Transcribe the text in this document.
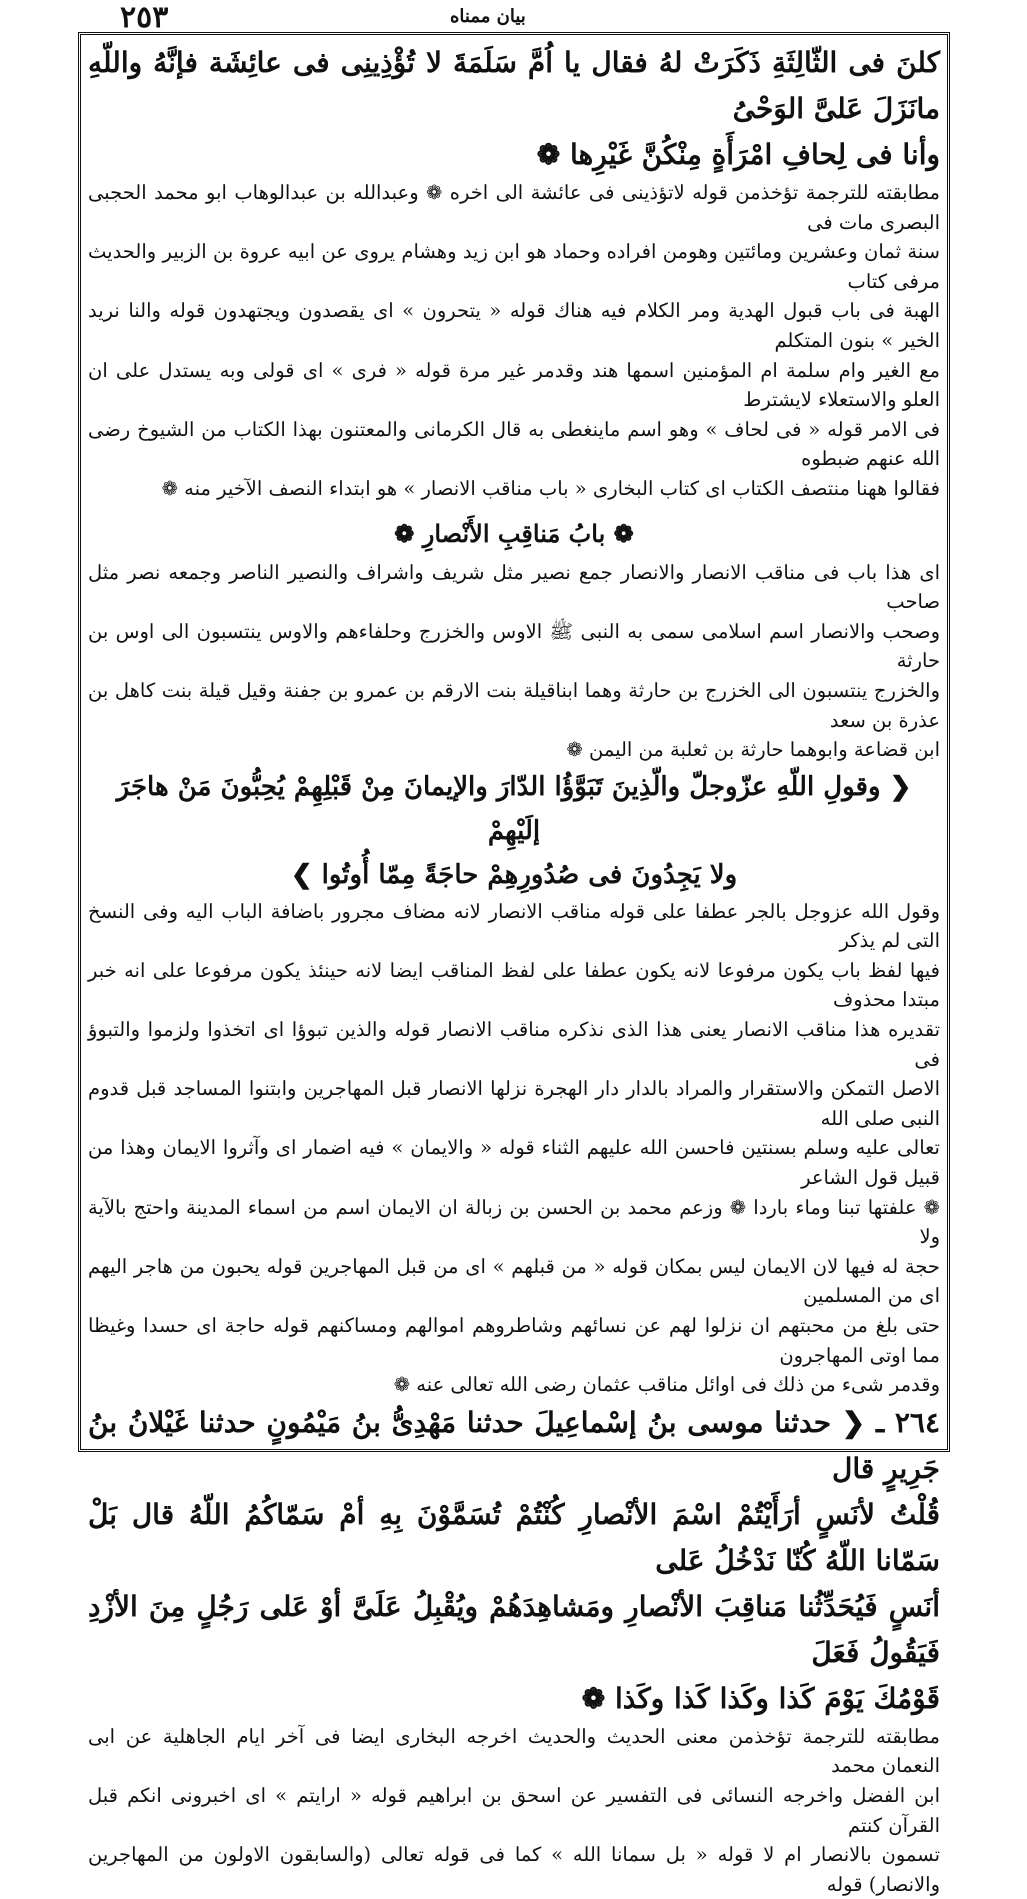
٢٥٣	بيان ممناه
كلنَ فى الثّالِثَةِ ذَكَرَتْ لهُ فقال يا اُمَّ سَلَمَةَ لا تُؤْذِينِى فى عائِشَة فإنَّهُ واللّهِ مانَزَلَ عَلىَّ الوَحْىُ
وأنا فى لِحافِ امْرَأَةٍ مِنْكُنَّ غَيْرِها ❁
مطابقته للترجمة تؤخذمن قوله لاتؤذينى فى عائشة الى اخره ❁ وعبدالله بن عبدالوهاب ابو محمد الحجبى البصرى مات فى
سنة ثمان وعشرين ومائتين وهومن افراده وحماد هو ابن زيد وهشام يروى عن ابيه عروة بن الزبير والحديث مرفى كتاب
الهبة فى باب قبول الهدية ومر الكلام فيه هناك قوله « يتحرون » اى يقصدون ويجتهدون قوله والنا نريد الخير » بنون المتكلم
مع الغير وام سلمة ام المؤمنين اسمها هند وقدمر غير مرة قوله « فرى » اى قولى وبه يستدل على ان العلو والاستعلاء لايشترط
فى الامر قوله « فى لحاف » وهو اسم ماينغطى به قال الكرمانى والمعتنون بهذا الكتاب من الشيوخ رضى الله عنهم ضبطوه
فقالوا ههنا منتصف الكتاب اى كتاب البخارى « باب مناقب الانصار » هو ابتداء النصف الآخير منه ❁
❁ بابُ مَناقِبِ الأَنْصارِ ❁
اى هذا باب فى مناقب الانصار والانصار جمع نصير مثل شريف واشراف والنصير الناصر وجمعه نصر مثل صاحب
وصحب والانصار اسم اسلامى سمى به النبى ﷺ الاوس والخزرج وحلفاءهم والاوس ينتسبون الى اوس بن حارثة
والخزرج ينتسبون الى الخزرج بن حارثة وهما ابناقيلة بنت الارقم بن عمرو بن جفنة وقيل قيلة بنت كاهل بن عذرة بن سعد
ابن قضاعة وابوهما حارثة بن ثعلبة من اليمن ❁
❮ وقولِ اللّهِ عزّوجلّ والّذِينَ تَبَوَّؤُا الدّارَ والإيمانَ مِنْ قَبْلِهِمْ يُحِبُّونَ مَنْ هاجَرَ إلَيْهِمْ
ولا يَجِدُونَ فى صُدُورِهِمْ حاجَةً مِمّا أُوتُوا ❯
وقول الله عزوجل بالجر عطفا على قوله مناقب الانصار لانه مضاف مجرور باضافة الباب اليه وفى النسخ التى لم يذكر
فيها لفظ باب يكون مرفوعا لانه يكون عطفا على لفظ المناقب ايضا لانه حينئذ يكون مرفوعا على انه خبر مبتدا محذوف
تقديره هذا مناقب الانصار يعنى هذا الذى نذكره مناقب الانصار قوله والذين تبوؤا اى اتخذوا ولزموا والتبوؤ فى
الاصل التمكن والاستقرار والمراد بالدار دار الهجرة نزلها الانصار قبل المهاجرين وابتنوا المساجد قبل قدوم النبى صلى الله
تعالى عليه وسلم بسنتين فاحسن الله عليهم الثناء قوله « والايمان » فيه اضمار اى وآثروا الايمان وهذا من قبيل قول الشاعر
❁ علفتها تبنا وماء باردا ❁ وزعم محمد بن الحسن بن زبالة ان الايمان اسم من اسماء المدينة واحتج بالآية ولا
حجة له فيها لان الايمان ليس بمكان قوله « من قبلهم » اى من قبل المهاجرين قوله يحبون من هاجر اليهم اى من المسلمين
حتى بلغ من محبتهم ان نزلوا لهم عن نسائهم وشاطروهم اموالهم ومساكنهم قوله حاجة اى حسدا وغيظا مما اوتى المهاجرون
وقدمر شىء من ذلك فى اوائل مناقب عثمان رضى الله تعالى عنه ❁
٢٦٤ ـ ❮ حدثنا موسى بنُ إسْماعِيلَ حدثنا مَهْدِىُّ بنُ مَيْمُونٍ حدثنا غَيْلانُ بنُ جَرِيرٍ قال
قُلْتُ لأنَسٍ أرَأَيْتُمْ اسْمَ الأنْصارِ كُنْتُمْ تُسَمَّوْنَ بِهِ أمْ سَمّاكُمُ اللّهُ قال بَلْ سَمّانا اللّهُ كُنّا نَدْخُلُ عَلى
أنَسٍ فَيُحَدِّثُنا مَناقِبَ الأنْصارِ ومَشاهِدَهُمْ ويُقْبِلُ عَلَىَّ أوْ عَلى رَجُلٍ مِنَ الأزْدِ فَيَقُولُ فَعَلَ
قَوْمُكَ يَوْمَ كَذا وكَذا كَذا وكَذا ❁
مطابقته للترجمة تؤخذمن معنى الحديث والحديث اخرجه البخارى ايضا فى آخر ايام الجاهلية عن ابى النعمان محمد
ابن الفضل واخرجه النسائى فى التفسير عن اسحق بن ابراهيم قوله « ارايتم » اى اخبرونى انكم قبل القرآن كنتم
تسمون بالانصار ام لا قوله « بل سمانا الله » كما فى قوله تعالى (والسابقون الاولون من المهاجرين والانصار) قوله
